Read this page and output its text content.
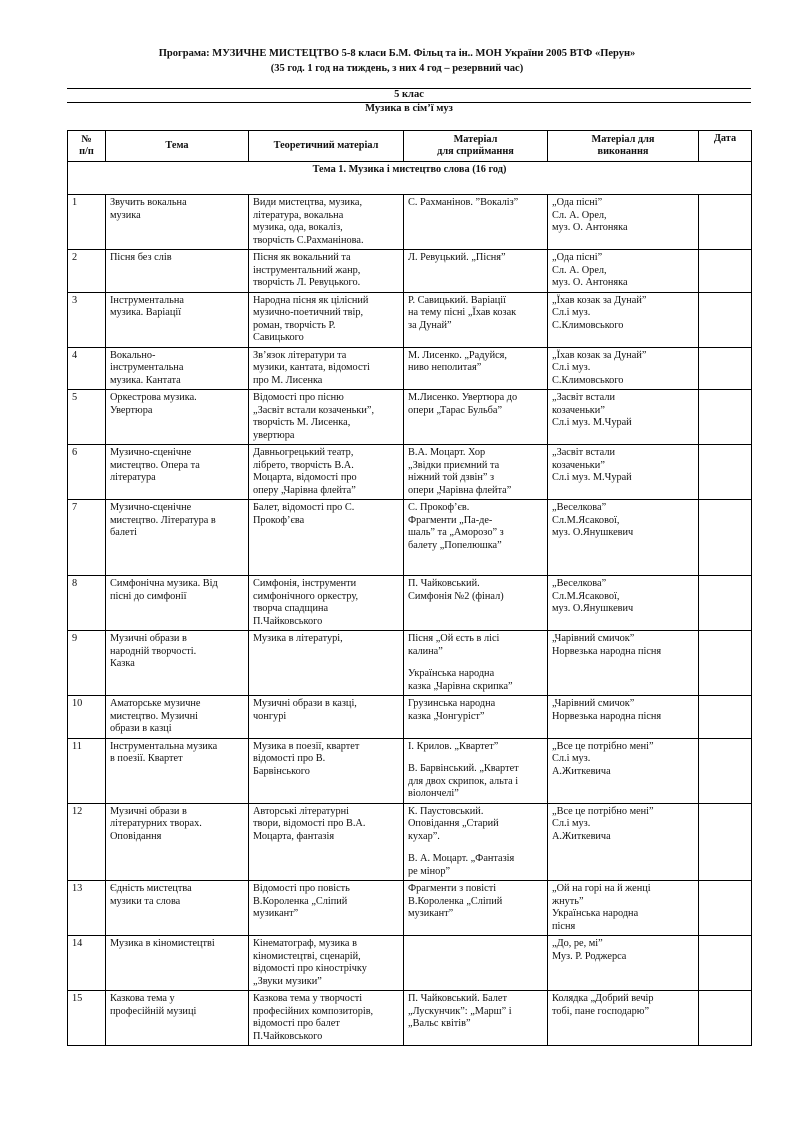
Програма: МУЗИЧНЕ МИСТЕЦТВО 5-8 класи Б.М. Фільц та ін.. МОН України 2005 ВТФ «Перун»
(35 год. 1 год на тиждень, з них 4 год – резервний час)
5 клас
Музика в сім’ї муз
№
п/п	Тема	Теоретичний матеріал	Матеріал
для сприймання	Матеріал для
виконання	Дата

Тема 1. Музика і мистецтво слова (16 год)					

1	Звучить вокальна
музика	Види мистецтва, музика,
література, вокальна
музика, ода, вокаліз,
творчість С.Рахманінова.	С. Рахманінов. ”Вокаліз”	„Ода пісні”
Сл. А. Орел,
муз. О. Антоняка	

2	Пісня без слів	Пісня як вокальний та
інструментальний жанр,
творчість Л. Ревуцького.	Л. Ревуцький. „Пісня”	„Ода пісні”
Сл. А. Орел,
муз. О. Антоняка	

3	Інструментальна
музика. Варіації	Народна пісня як цілісний
музично-поетичний твір,
роман, творчість Р.
Савицького	Р. Савицький. Варіації
на тему пісні „Їхав козак
за Дунай”	„Їхав козак за Дунай”
Сл.і муз.
С.Климовського	

4	Вокально-
інструментальна
музика. Кантата	Зв’язок літератури та
музики, кантата, відомості
про М. Лисенка	М. Лисенко. „Радуйся,
ниво неполитая”	„Їхав козак за Дунай”
Сл.і муз.
С.Климовського	

5	Оркестрова музика.
Увертюра	Відомості про пісню
„Засвіт встали козаченьки”,
творчість М. Лисенка,
увертюра	М.Лисенко. Увертюра до
опери „Тарас Бульба”	„Засвіт встали
козаченьки”
Сл.і муз. М.Чурай	

6	Музично-сценічне
мистецтво. Опера та
література	Давньогрецький театр,
лібрето, творчість В.А.
Моцарта, відомості про
оперу „Чарівна флейта”	В.А. Моцарт. Хор
„Звідки приємний та
ніжний той дзвін” з
опери „Чарівна флейта”	„Засвіт встали
козаченьки”
Сл.і муз. М.Чурай	

7	Музично-сценічне
мистецтво. Література в
балеті	Балет, відомості про С.
Прокоф’єва	С. Прокоф’єв.
Фрагменти „Па-де-
шаль” та „Аморозо” з
балету „Попелюшка”	„Веселкова”
Сл.М.Ясакової,
муз. О.Янушкевич	

8	Симфонічна музика. Від
пісні до симфонії	Симфонія, інструменти
симфонічного оркестру,
творча спадщина
П.Чайковського	П. Чайковський.
Симфонія №2 (фінал)	„Веселкова”
Сл.М.Ясакової,
муз. О.Янушкевич	

9	Музичні образи в
народній творчості.
Казка	Музика в літературі,	Пісня „Ой єсть в лісі
калина”
Українська народна
казка „Чарівна скрипка”	„Чарівний смичок”
Норвезька народна пісня	

10	Аматорське музичне
мистецтво. Музичні
образи в казці	Музичні образи в казці,
чонгурі	Грузинська народна
казка „Чонгуріст”	„Чарівний смичок”
Норвезька народна пісня	

11	Інструментальна музика
в поезії. Квартет	Музика в поезії, квартет
відомості про В.
Барвінського	І. Крилов. „Квартет”
В. Барвінський. „Квартет
для двох скрипок, альта і
віолончелі”	„Все це потрібно мені”
Сл.і муз.
А.Житкевича	

12	Музичні образи в
літературних творах.
Оповідання	Авторські літературні
твори, відомості про В.А.
Моцарта, фантазія	К. Паустовський.
Оповідання „Старий
кухар”.
В. А. Моцарт. „Фантазія
ре мінор”	„Все це потрібно мені”
Сл.і муз.
А.Житкевича	

13	Єдність мистецтва
музики та слова	Відомості про повість
В.Короленка „Сліпий
музикант”	Фрагменти з повісті
В.Короленка „Сліпий
музикант”	„Ой на горі на й женці
жнуть”
Українська народна
пісня	

14	Музика в кіномистецтві	Кінематограф, музика в
кіномистецтві, сценарій,
відомості про кінострічку
„Звуки музики”		„До, ре, мі”
Муз. Р. Роджерса	

15	Казкова тема у
професійній музиці	Казкова тема у творчості
професійних композиторів,
відомості про балет
П.Чайковського	П. Чайковський. Балет
„Лускунчик”: „Марш” і
„Вальс квітів”	Колядка „Добрий вечір
тобі, пане господарю”	
